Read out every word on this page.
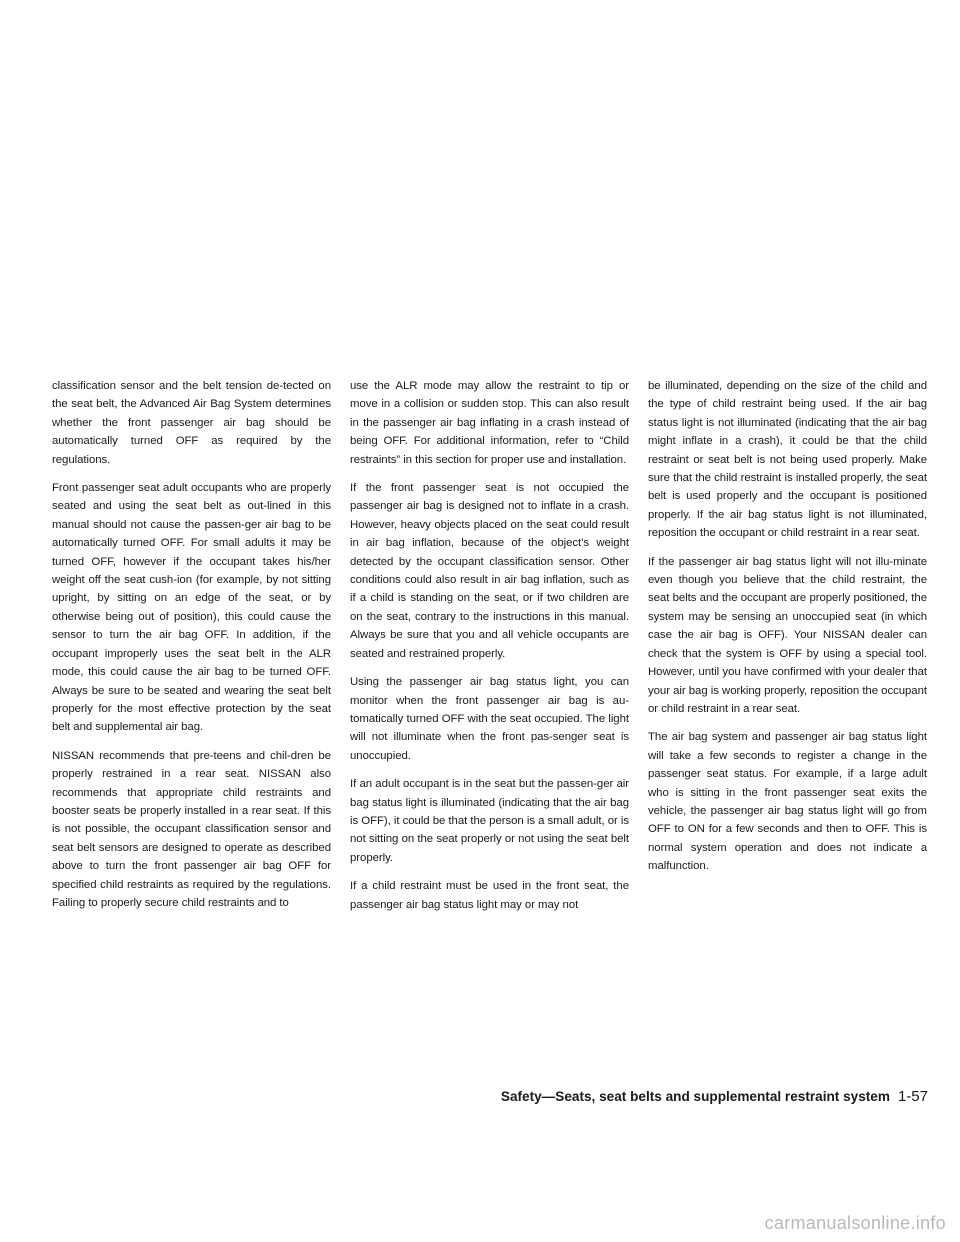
classification sensor and the belt tension de-tected on the seat belt, the Advanced Air Bag System determines whether the front passenger air bag should be automatically turned OFF as required by the regulations.

Front passenger seat adult occupants who are properly seated and using the seat belt as out-lined in this manual should not cause the passen-ger air bag to be automatically turned OFF. For small adults it may be turned OFF, however if the occupant takes his/her weight off the seat cush-ion (for example, by not sitting upright, by sitting on an edge of the seat, or by otherwise being out of position), this could cause the sensor to turn the air bag OFF. In addition, if the occupant improperly uses the seat belt in the ALR mode, this could cause the air bag to be turned OFF. Always be sure to be seated and wearing the seat belt properly for the most effective protection by the seat belt and supplemental air bag.

NISSAN recommends that pre-teens and chil-dren be properly restrained in a rear seat. NISSAN also recommends that appropriate child restraints and booster seats be properly installed in a rear seat. If this is not possible, the occupant classification sensor and seat belt sensors are designed to operate as described above to turn the front passenger air bag OFF for specified child restraints as required by the regulations. Failing to properly secure child restraints and to

use the ALR mode may allow the restraint to tip or move in a collision or sudden stop. This can also result in the passenger air bag inflating in a crash instead of being OFF. For additional information, refer to “Child restraints” in this section for proper use and installation.

If the front passenger seat is not occupied the passenger air bag is designed not to inflate in a crash. However, heavy objects placed on the seat could result in air bag inflation, because of the object’s weight detected by the occupant classification sensor. Other conditions could also result in air bag inflation, such as if a child is standing on the seat, or if two children are on the seat, contrary to the instructions in this manual. Always be sure that you and all vehicle occupants are seated and restrained properly.

Using the passenger air bag status light, you can monitor when the front passenger air bag is au-tomatically turned OFF with the seat occupied. The light will not illuminate when the front pas-senger seat is unoccupied.

If an adult occupant is in the seat but the passen-ger air bag status light is illuminated (indicating that the air bag is OFF), it could be that the person is a small adult, or is not sitting on the seat properly or not using the seat belt properly.

If a child restraint must be used in the front seat, the passenger air bag status light may or may not

be illuminated, depending on the size of the child and the type of child restraint being used. If the air bag status light is not illuminated (indicating that the air bag might inflate in a crash), it could be that the child restraint or seat belt is not being used properly. Make sure that the child restraint is installed properly, the seat belt is used properly and the occupant is positioned properly. If the air bag status light is not illuminated, reposition the occupant or child restraint in a rear seat.

If the passenger air bag status light will not illu-minate even though you believe that the child restraint, the seat belts and the occupant are properly positioned, the system may be sensing an unoccupied seat (in which case the air bag is OFF). Your NISSAN dealer can check that the system is OFF by using a special tool. However, until you have confirmed with your dealer that your air bag is working properly, reposition the occupant or child restraint in a rear seat.

The air bag system and passenger air bag status light will take a few seconds to register a change in the passenger seat status. For example, if a large adult who is sitting in the front passenger seat exits the vehicle, the passenger air bag status light will go from OFF to ON for a few seconds and then to OFF. This is normal system operation and does not indicate a malfunction.

Safety—Seats, seat belts and supplemental restraint system 1-57
carmanualsonline.info
